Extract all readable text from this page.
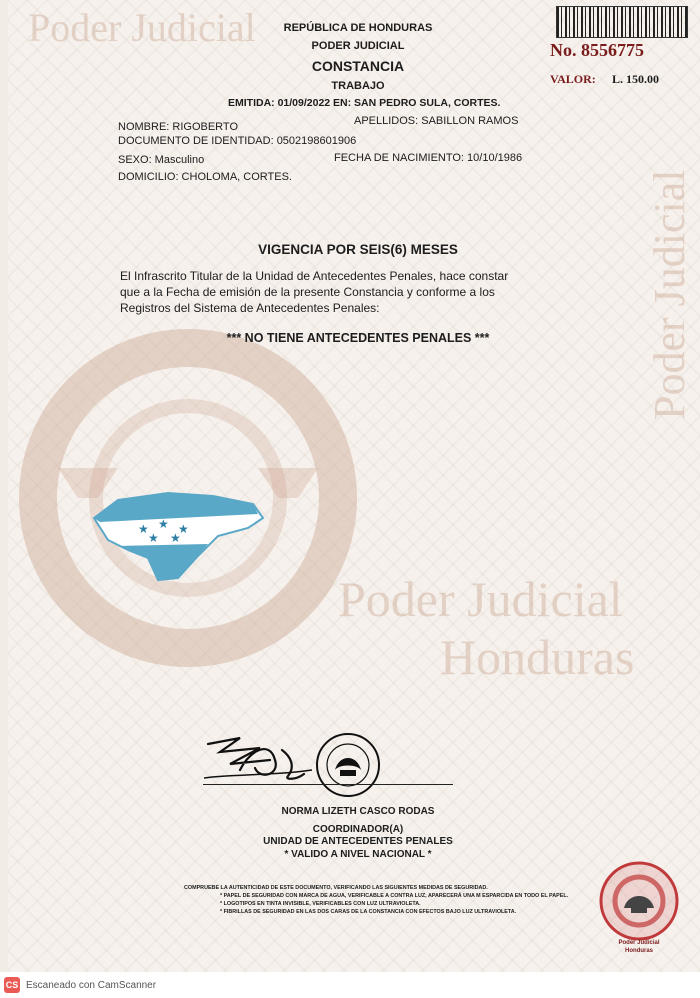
Poder Judicial
Poder Judicial
Poder Judicial
Honduras
★ ★ ★
★ ★
REPÚBLICA DE HONDURAS
PODER JUDICIAL
CONSTANCIA
TRABAJO
EMITIDA: 01/09/2022 EN: SAN PEDRO SULA, CORTES.
No. 8556775
VALOR: L. 150.00
NOMBRE: RIGOBERTO	APELLIDOS: SABILLON RAMOS
DOCUMENTO DE IDENTIDAD: 0502198601906
SEXO: Masculino	FECHA DE NACIMIENTO: 10/10/1986
DOMICILIO: CHOLOMA, CORTES.
VIGENCIA POR SEIS(6) MESES
El Infrascrito Titular de la Unidad de Antecedentes Penales, hace constar
que a la Fecha de emisión de la presente Constancia y conforme a los
Registros del Sistema de Antecedentes Penales:
*** NO TIENE ANTECEDENTES PENALES ***
NORMA LIZETH CASCO RODAS
COORDINADOR(A)
UNIDAD DE ANTECEDENTES PENALES
* VALIDO A NIVEL NACIONAL *
COMPRUEBE LA AUTENTICIDAD DE ESTE DOCUMENTO, VERIFICANDO LAS SIGUIENTES MEDIDAS DE SEGURIDAD.
* PAPEL DE SEGURIDAD CON MARCA DE AGUA, VERIFICABLE A CONTRA LUZ, APARECERÁ UNA M ESPARCIDA EN TODO EL PAPEL.
* LOGOTIPOS EN TINTA INVISIBLE, VERIFICABLES CON LUZ ULTRAVIOLETA.
* FIBRILLAS DE SEGURIDAD EN LAS DOS CARAS DE LA CONSTANCIA CON EFECTOS BAJO LUZ ULTRAVIOLETA.
Poder Judicial
Honduras
CS Escaneado con CamScanner
